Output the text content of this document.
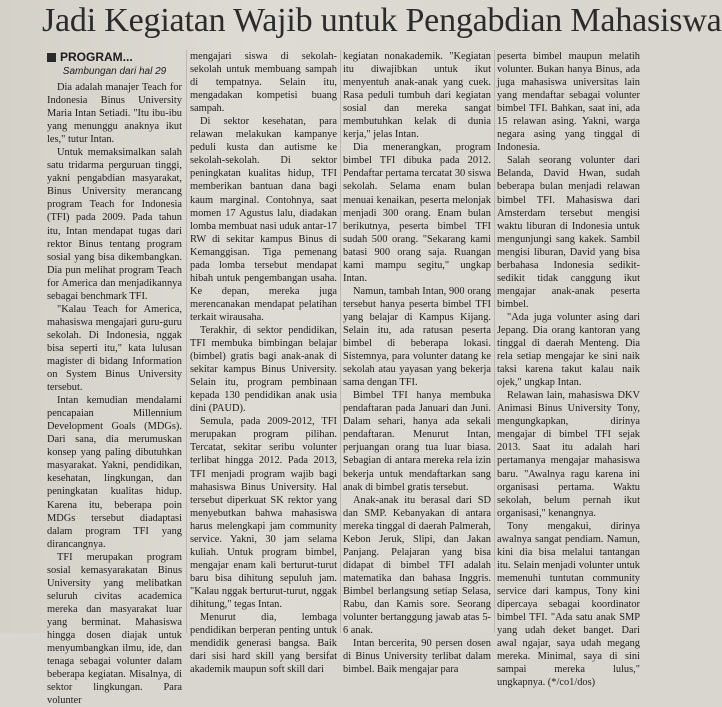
Jadi Kegiatan Wajib untuk Pengabdian Mahasiswa
PROGRAM...
Sambungan dari hal 29

Dia adalah manajer Teach for Indonesia Binus University Maria Intan Setiadi. "Itu ibu-ibu yang menunggu anaknya ikut les," tutur Intan.

Untuk memaksimalkan salah satu tridarma perguruan tinggi, yakni pengabdian masyarakat, Binus University merancang program Teach for Indonesia (TFI) pada 2009. Pada tahun itu, Intan mendapat tugas dari rektor Binus tentang program sosial yang bisa dikembangkan. Dia pun melihat program Teach for America dan menjadikannya sebagai benchmark TFI.

"Kalau Teach for America, mahasiswa mengajari guru-guru sekolah. Di Indonesia, nggak bisa seperti itu," kata lulusan magister di bidang Information on System Binus University tersebut.

Intan kemudian mendalami pencapaian Millennium Development Goals (MDGs). Dari sana, dia merumuskan konsep yang paling dibutuhkan masyarakat. Yakni, pendidikan, kesehatan, lingkungan, dan peningkatan kualitas hidup. Karena itu, beberapa poin MDGs tersebut diadaptasi dalam program TFI yang dirancangnya.

TFI merupakan program sosial kemasyarakatan Binus University yang melibatkan seluruh civitas academica mereka dan masyarakat luar yang berminat. Mahasiswa hingga dosen diajak untuk menyumbangkan ilmu, ide, dan tenaga sebagai volunter dalam beberapa kegiatan. Misalnya, di sektor lingkungan. Para volunter

mengajari siswa di sekolah-sekolah untuk membuang sampah di tempatnya. Selain itu, mengadakan kompetisi buang sampah.

Di sektor kesehatan, para relawan melakukan kampanye peduli kusta dan autisme ke sekolah-sekolah. Di sektor peningkatan kualitas hidup, TFI memberikan bantuan dana bagi kaum marginal. Contohnya, saat momen 17 Agustus lalu, diadakan lomba membuat nasi uduk antar-17 RW di sekitar kampus Binus di Kemanggisan. Tiga pemenang pada lomba tersebut mendapat hibah untuk pengembangan usaha. Ke depan, mereka juga merencanakan mendapat pelatihan terkait wirausaha.

Terakhir, di sektor pendidikan, TFI membuka bimbingan belajar (bimbel) gratis bagi anak-anak di sekitar kampus Binus University. Selain itu, program pembinaan kepada 130 pendidikan anak usia dini (PAUD).

Semula, pada 2009-2012, TFI merupakan program pilihan. Tercatat, sekitar seribu volunter terlibat hingga 2012. Pada 2013, TFI menjadi program wajib bagi mahasiswa Binus University. Hal tersebut diperkuat SK rektor yang menyebutkan bahwa mahasiswa harus melengkapi jam community service. Yakni, 30 jam selama kuliah. Untuk program bimbel, mengajar enam kali berturut-turut baru bisa dihitung sepuluh jam. "Kalau nggak berturut-turut, nggak dihitung," tegas Intan.

Menurut dia, lembaga pendidikan berperan penting untuk mendidik generasi bangsa. Baik dari sisi hard skill yang bersifat akademik maupun soft skill dari

kegiatan nonakademik. "Kegiatan itu diwajibkan untuk ikut menyentuh anak-anak yang cuek. Rasa peduli tumbuh dari kegiatan sosial dan mereka sangat membutuhkan kelak di dunia kerja," jelas Intan.

Dia menerangkan, program bimbel TFI dibuka pada 2012. Pendaftar pertama tercatat 30 siswa sekolah. Selama enam bulan menuai kenaikan, peserta melonjak menjadi 300 orang. Enam bulan berikutnya, peserta bimbel TFI sudah 500 orang. "Sekarang kami batasi 900 orang saja. Ruangan kami mampu segitu," ungkap Intan.

Namun, tambah Intan, 900 orang tersebut hanya peserta bimbel TFI yang belajar di Kampus Kijang. Selain itu, ada ratusan peserta bimbel di beberapa lokasi. Sistemnya, para volunter datang ke sekolah atau yayasan yang bekerja sama dengan TFI.

Bimbel TFI hanya membuka pendaftaran pada Januari dan Juni. Dalam sehari, hanya ada sekali pendaftaran. Menurut Intan, perjuangan orang tua luar biasa. Sebagian di antara mereka rela izin bekerja untuk mendaftarkan sang anak di bimbel gratis tersebut.

Anak-anak itu berasal dari SD dan SMP. Kebanyakan di antara mereka tinggal di daerah Palmerah, Kebon Jeruk, Slipi, dan Jakan Panjang. Pelajaran yang bisa didapat di bimbel TFI adalah matematika dan bahasa Inggris. Bimbel berlangsung setiap Selasa, Rabu, dan Kamis sore. Seorang volunter bertanggung jawab atas 5-6 anak.

Intan bercerita, 90 persen dosen di Binus University terlibat dalam bimbel. Baik mengajar para

peserta bimbel maupun melatih volunter. Bukan hanya Binus, ada juga mahasiswa universitas lain yang mendaftar sebagai volunter bimbel TFI. Bahkan, saat ini, ada 15 relawan asing. Yakni, warga negara asing yang tinggal di Indonesia.

Salah seorang volunter dari Belanda, David Hwan, sudah beberapa bulan menjadi relawan bimbel TFI. Mahasiswa dari Amsterdam tersebut mengisi waktu liburan di Indonesia untuk mengunjungi sang kakek. Sambil mengisi liburan, David yang bisa berbahasa Indonesia sedikit-sedikit tidak canggung ikut mengajar anak-anak peserta bimbel.

"Ada juga volunter asing dari Jepang. Dia orang kantoran yang tinggal di daerah Menteng. Dia rela setiap mengajar ke sini naik taksi karena takut kalau naik ojek," ungkap Intan.

Relawan lain, mahasiswa DKV Animasi Binus University Tony, mengungkapkan, dirinya mengajar di bimbel TFI sejak 2013. Saat itu adalah hari pertamanya mengajar mahasiswa baru. "Awalnya ragu karena ini organisasi pertama. Waktu sekolah, belum pernah ikut organisasi," kenangnya.

Tony mengakui, dirinya awalnya sangat pendiam. Namun, kini dia bisa melalui tantangan itu. Selain menjadi volunter untuk memenuhi tuntutan community service dari kampus, Tony kini dipercaya sebagai koordinator bimbel TFI. "Ada satu anak SMP yang udah deket banget. Dari awal ngajar, saya udah megang mereka. Minimal, saya di sini sampai mereka lulus," ungkapnya. (*/co1/dos)
